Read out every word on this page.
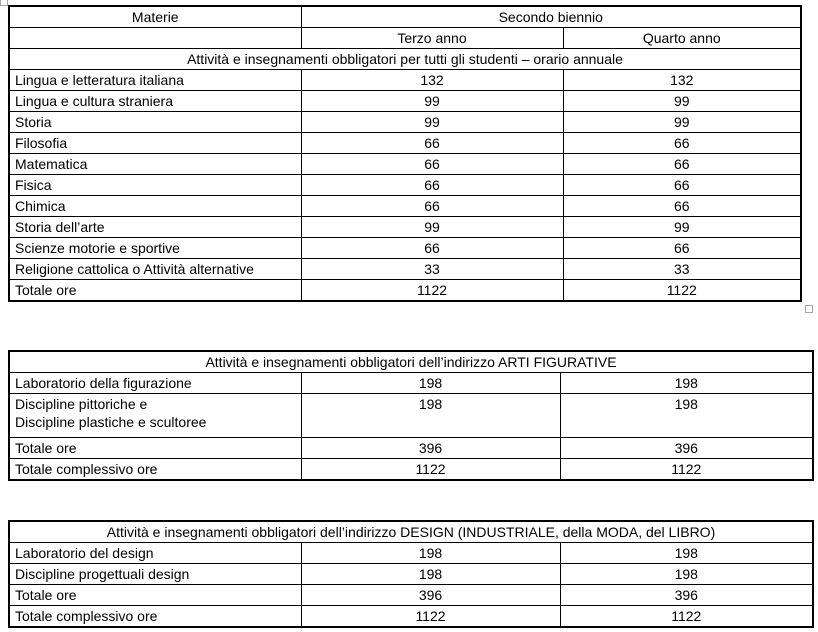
Materie	Secondo biennio	
	Terzo anno	Quarto anno
Attività e insegnamenti obbligatori per tutti gli studenti – orario annuale		
Lingua e letteratura italiana	132	132
Lingua e cultura straniera	99	99
Storia	99	99
Filosofia	66	66
Matematica	66	66
Fisica	66	66
Chimica	66	66
Storia dell’arte	99	99
Scienze motorie e sportive	66	66
Religione cattolica o Attività alternative	33	33
Totale ore	1122	1122
Attività e insegnamenti obbligatori dell’indirizzo ARTI FIGURATIVE		
Laboratorio della figurazione	198	198

Discipline pittoriche e
Discipline plastiche e scultoree	198	198
Totale ore	396	396
Totale complessivo ore	1122	1122
Attività e insegnamenti obbligatori dell’indirizzo DESIGN (INDUSTRIALE, della MODA, del LIBRO)		
Laboratorio del design	198	198
Discipline progettuali design	198	198
Totale ore	396	396
Totale complessivo ore	1122	1122
